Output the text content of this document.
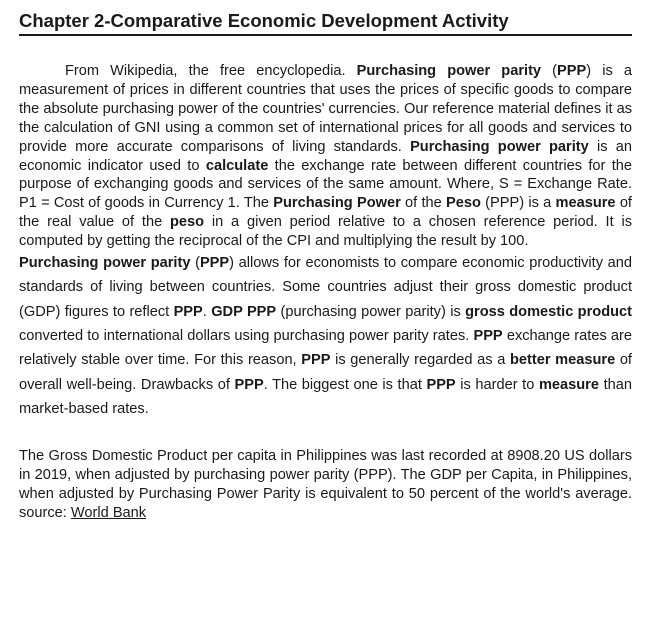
Chapter 2-Comparative Economic Development Activity

From Wikipedia, the free encyclopedia. Purchasing power parity (PPP) is a measurement of prices in different countries that uses the prices of specific goods to compare the absolute purchasing power of the countries' currencies. Our reference material defines it as the calculation of GNI using a common set of international prices for all goods and services to provide more accurate comparisons of living standards. Purchasing power parity is an economic indicator used to calculate the exchange rate between different countries for the purpose of exchanging goods and services of the same amount. Where, S = Exchange Rate. P1 = Cost of goods in Currency 1. The Purchasing Power of the Peso (PPP) is a measure of the real value of the peso in a given period relative to a chosen reference period. It is computed by getting the reciprocal of the CPI and multiplying the result by 100.

Purchasing power parity (PPP) allows for economists to compare economic productivity and standards of living between countries. Some countries adjust their gross domestic product (GDP) figures to reflect PPP. GDP PPP (purchasing power parity) is gross domestic product converted to international dollars using purchasing power parity rates. PPP exchange rates are relatively stable over time. For this reason, PPP is generally regarded as a better measure of overall well-being. Drawbacks of PPP. The biggest one is that PPP is harder to measure than market-based rates.

The Gross Domestic Product per capita in Philippines was last recorded at 8908.20 US dollars in 2019, when adjusted by purchasing power parity (PPP). The GDP per Capita, in Philippines, when adjusted by Purchasing Power Parity is equivalent to 50 percent of the world's average. source: World Bank
